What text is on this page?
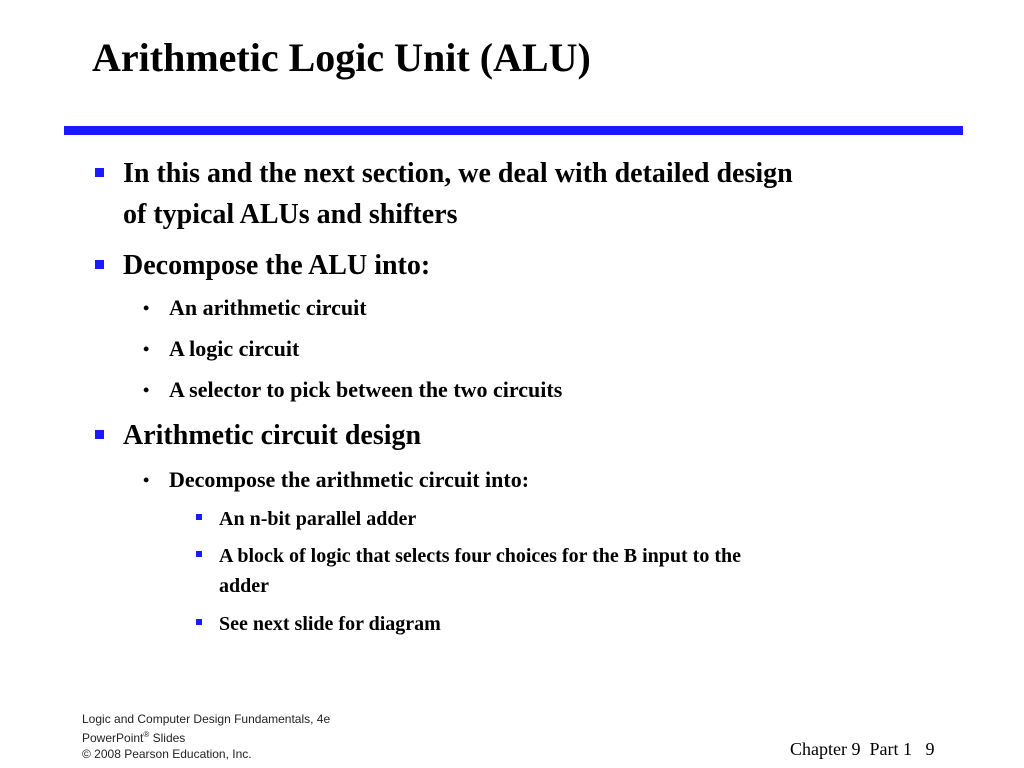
Arithmetic Logic Unit (ALU)
In this and the next section, we deal with detailed design
of typical ALUs and shifters
Decompose the ALU into:
• An arithmetic circuit
• A logic circuit
• A selector to pick between the two circuits
Arithmetic circuit design
• Decompose the arithmetic circuit into:
An n-bit parallel adder
A block of logic that selects four choices for the B input to the
adder
See next slide for diagram
Logic and Computer Design Fundamentals, 4e
PowerPoint® Slides
© 2008 Pearson Education, Inc.	Chapter 9 Part 1 9
